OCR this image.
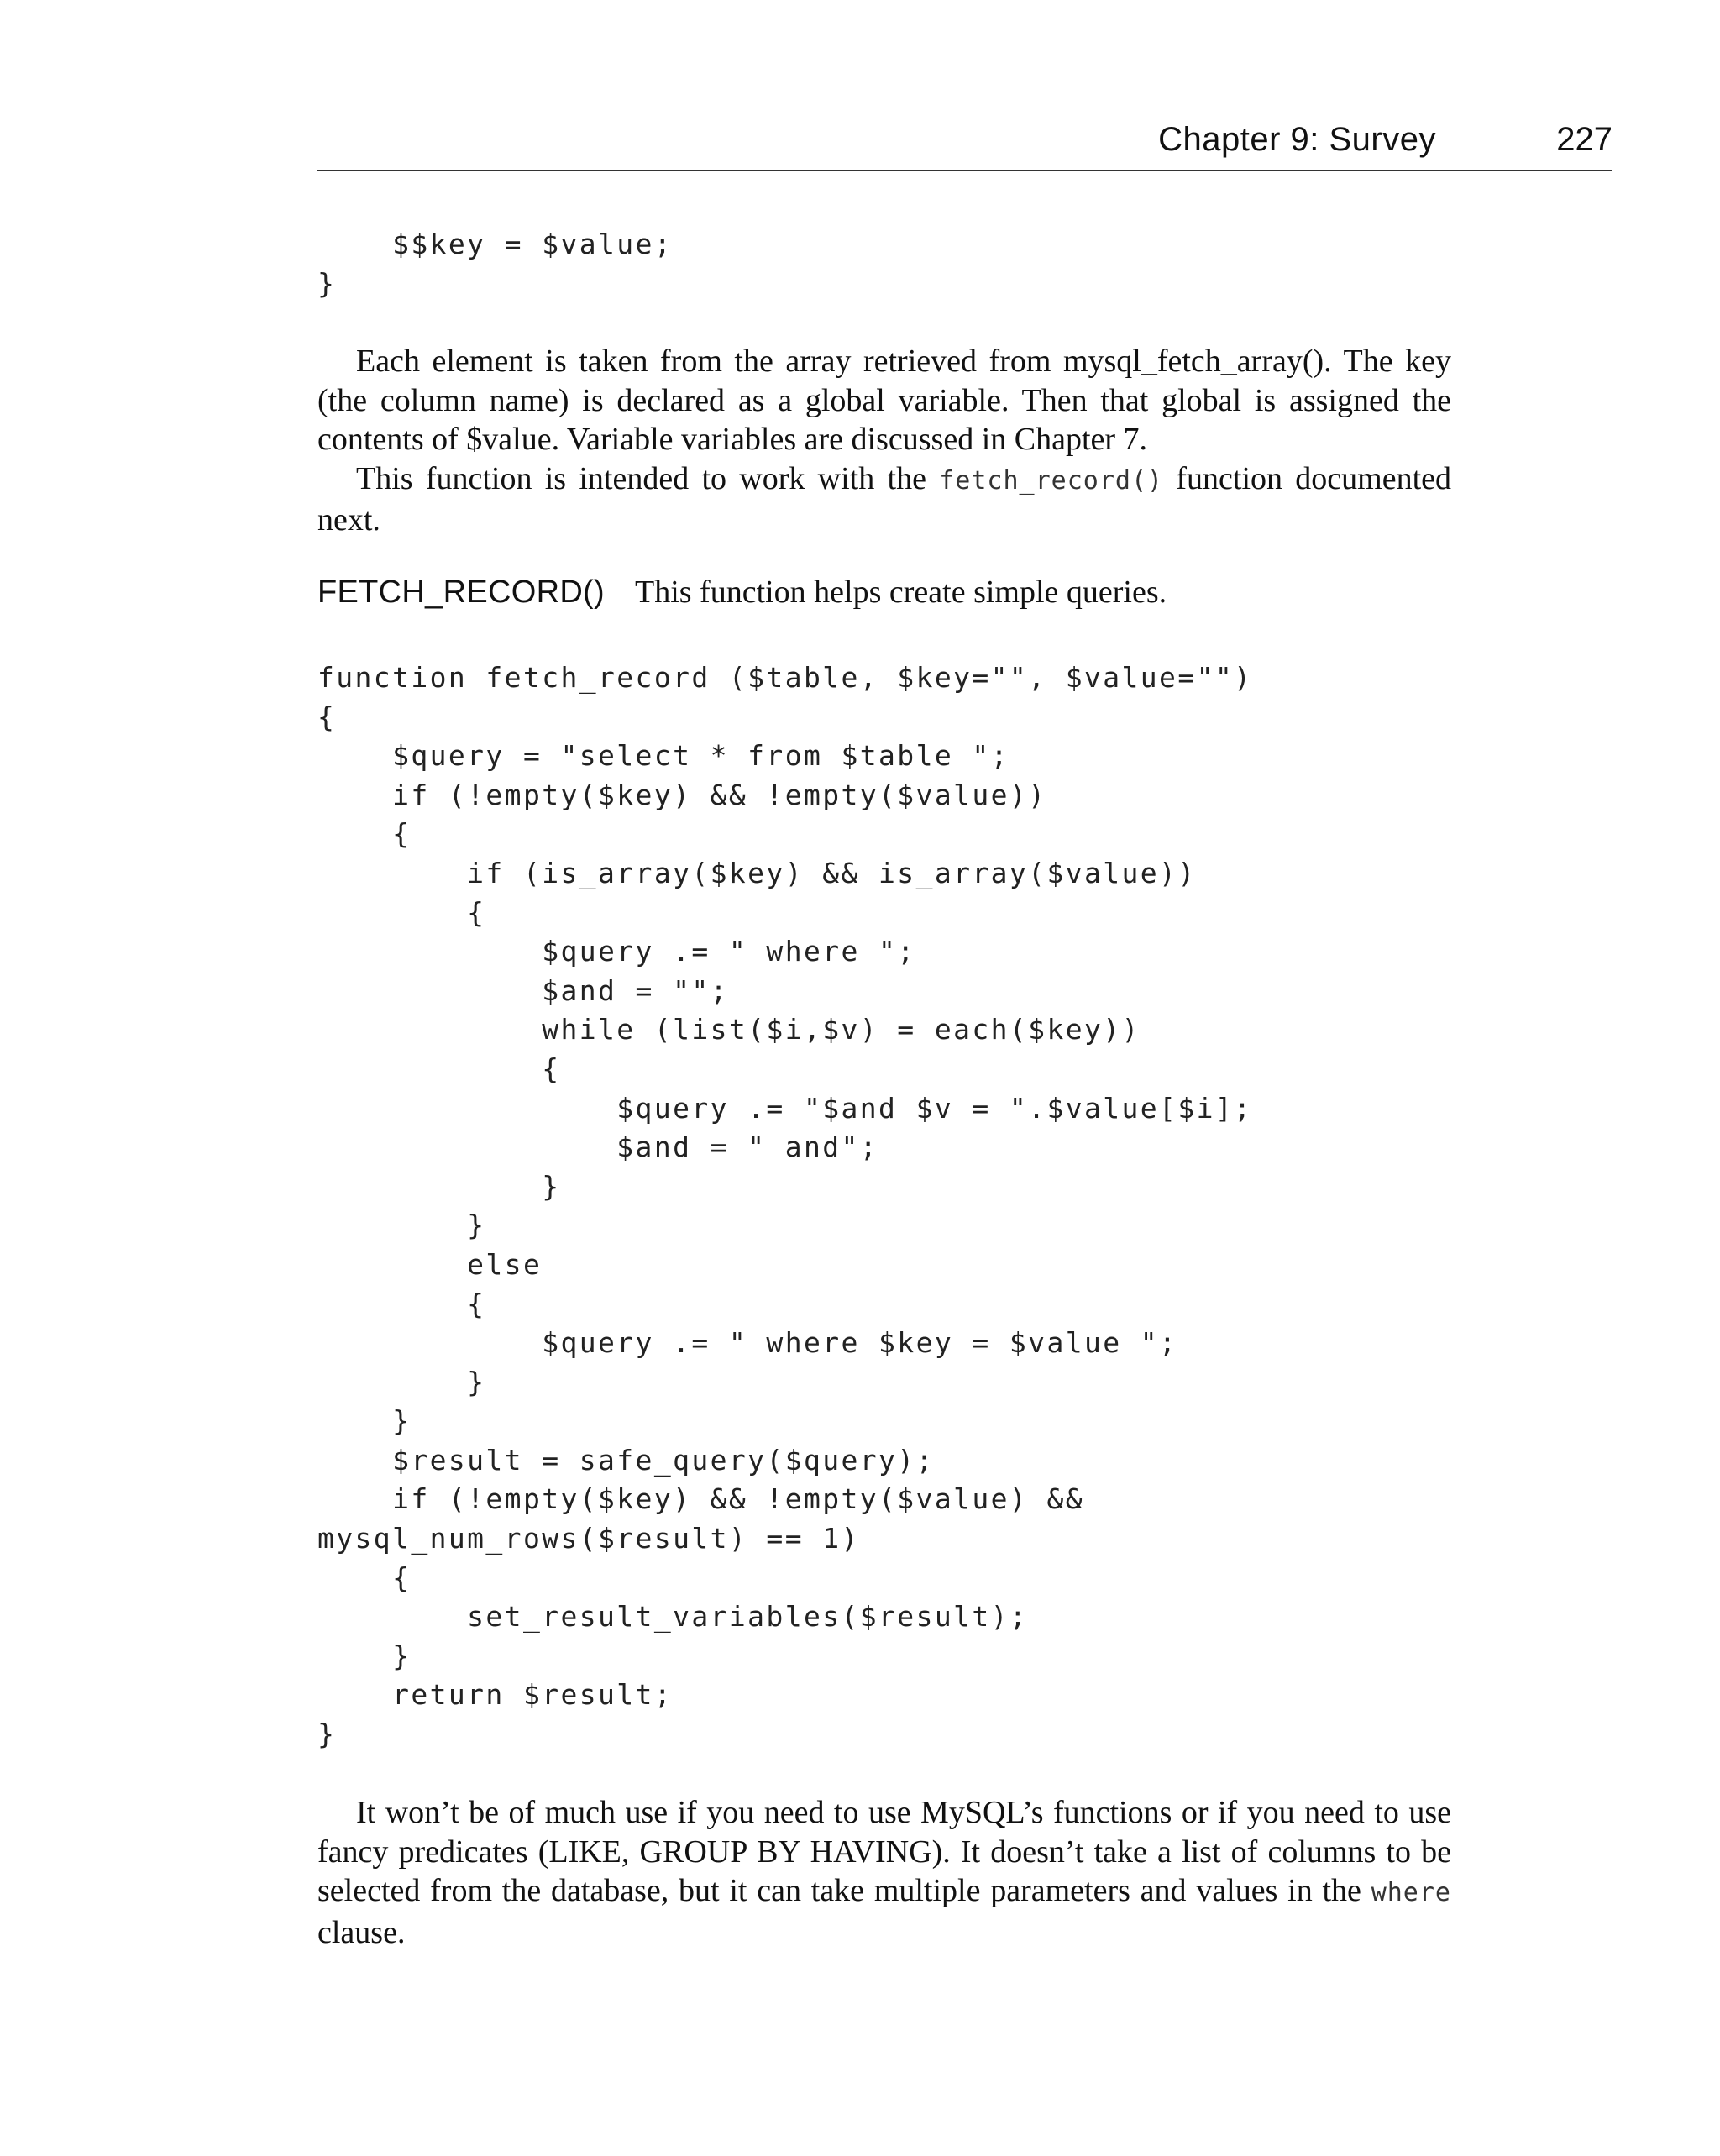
Chapter 9: Survey	227
$$key = $value;
}

Each element is taken from the array retrieved from mysql_fetch_array(). The key (the column name) is declared as a global variable. Then that global is assigned the contents of $value. Variable variables are discussed in Chapter 7.

This function is intended to work with the fetch_record() function documented next.

FETCH_RECORD() This function helps create simple queries.
function fetch_record ($table, $key="", $value="")
{
$query = "select * from $table ";
if (!empty($key) && !empty($value))
{
if (is_array($key) && is_array($value))
{
$query .= " where ";
$and = "";
while (list($i,$v) = each($key))
{
$query .= "$and $v = ".$value[$i];
$and = " and";
}
}
else
{
$query .= " where $key = $value ";
}
}
$result = safe_query($query);
if (!empty($key) && !empty($value) &&
mysql_num_rows($result) == 1)
{
set_result_variables($result);
}
return $result;
}

It won’t be of much use if you need to use MySQL’s functions or if you need to use fancy predicates (LIKE, GROUP BY HAVING). It doesn’t take a list of columns to be selected from the database, but it can take multiple parameters and values in the where clause.
